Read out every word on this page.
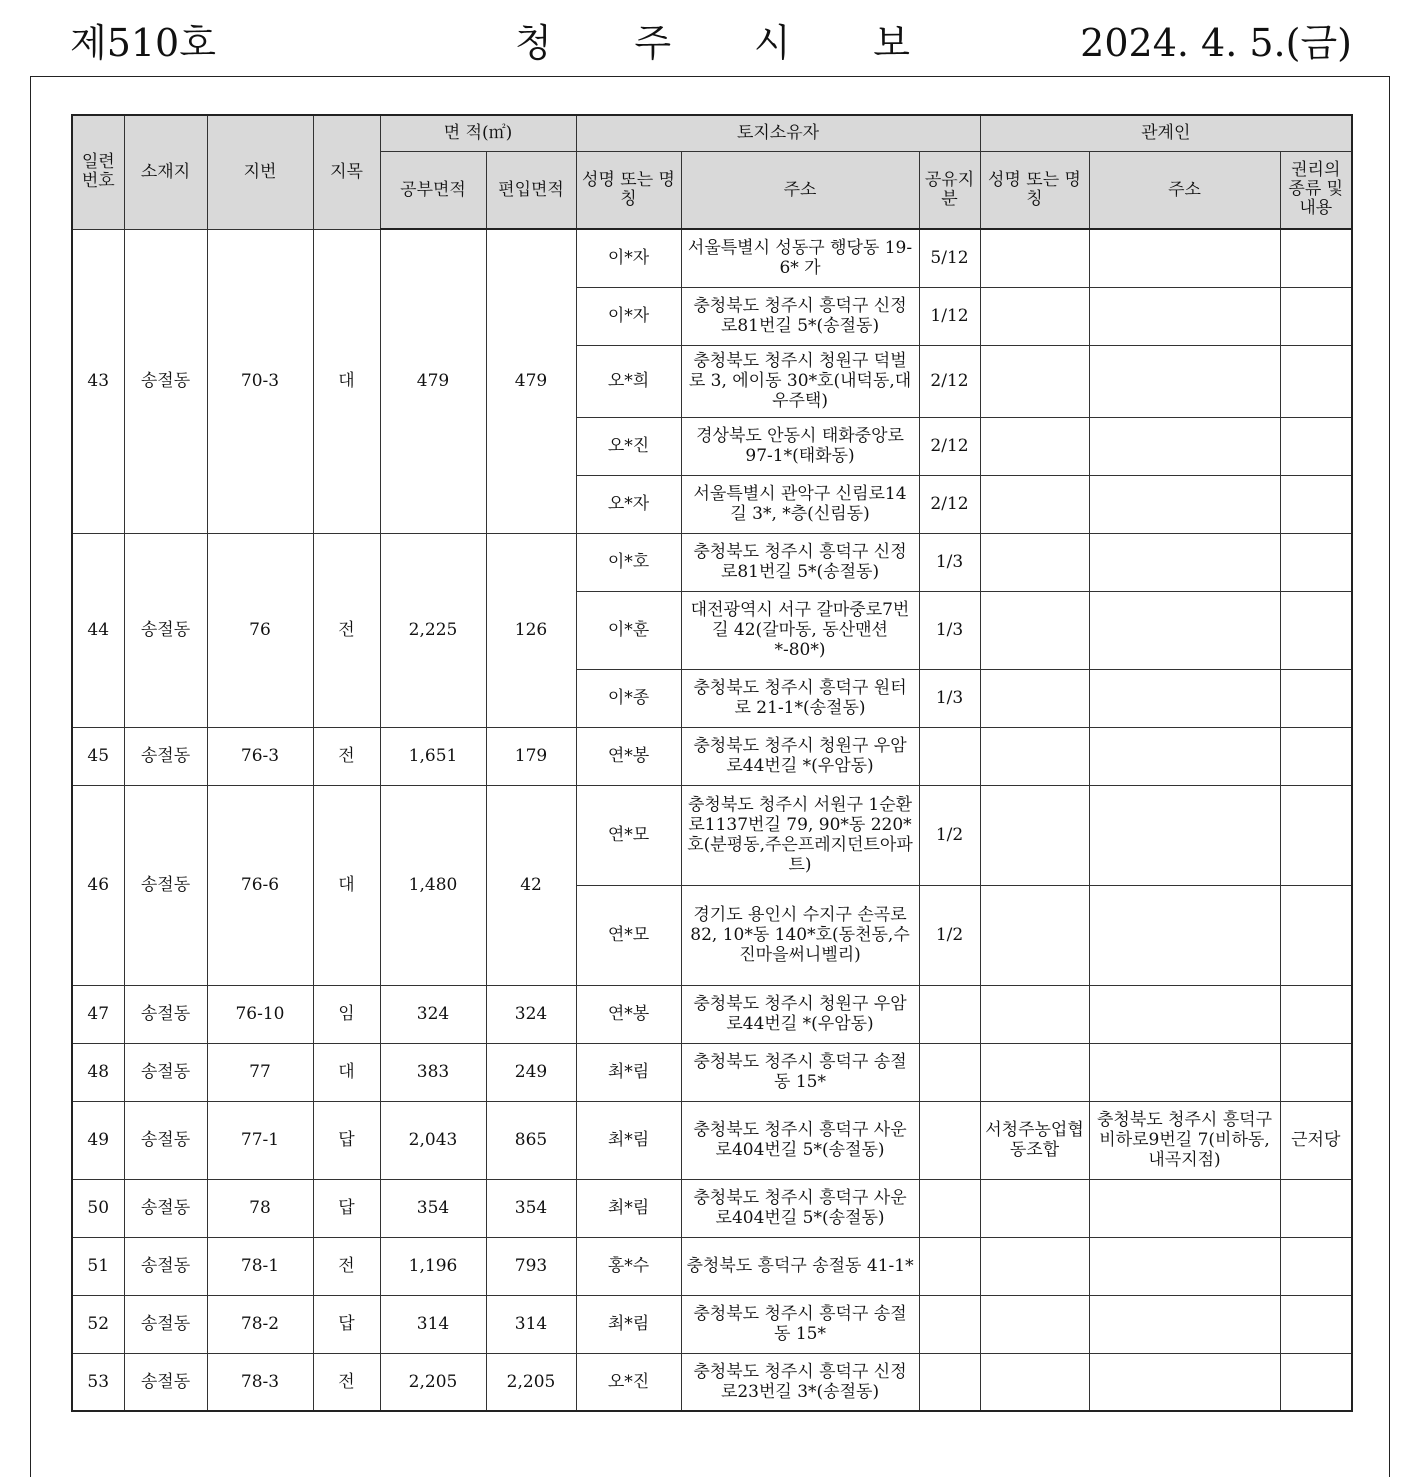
제510호	청 주 시 보	2024. 4. 5.(금)
일련번호	소재지	지번	지목	면 적(㎡)		토지소유자			관계인		
				공부면적	편입면적	성명 또는 명칭	주소	공유지분	성명 또는 명칭	주소	권리의 종류 및 내용
43	송절동	70-3	대	479	479	이*자	서울특별시 성동구 행당동 19-6* 가	5/12			
						이*자	충청북도 청주시 흥덕구 신정로81번길 5*(송절동)	1/12			
						오*희	충청북도 청주시 청원구 덕벌로 3, 에이동 30*호(내덕동,대우주택)	2/12			
						오*진	경상북도 안동시 태화중앙로 97-1*(태화동)	2/12			
						오*자	서울특별시 관악구 신림로14길 3*, *층(신림동)	2/12			
44	송절동	76	전	2,225	126	이*호	충청북도 청주시 흥덕구 신정로81번길 5*(송절동)	1/3			
						이*훈	대전광역시 서구 갈마중로7번길 42(갈마동, 동산맨션 *-80*)	1/3			
						이*종	충청북도 청주시 흥덕구 원터로 21-1*(송절동)	1/3			
45	송절동	76-3	전	1,651	179	연*봉	충청북도 청주시 청원구 우암로44번길 *(우암동)				
46	송절동	76-6	대	1,480	42	연*모	충청북도 청주시 서원구 1순환로1137번길 79, 90*동 220*호(분평동,주은프레지던트아파트)	1/2			
						연*모	경기도 용인시 수지구 손곡로 82, 10*동 140*호(동천동,수진마을써니벨리)	1/2			
47	송절동	76-10	임	324	324	연*봉	충청북도 청주시 청원구 우암로44번길 *(우암동)				
48	송절동	77	대	383	249	최*림	충청북도 청주시 흥덕구 송절동 15*				
49	송절동	77-1	답	2,043	865	최*림	충청북도 청주시 흥덕구 사운로404번길 5*(송절동)		서청주농업협동조합	충청북도 청주시 흥덕구 비하로9번길 7(비하동, 내곡지점)	근저당
50	송절동	78	답	354	354	최*림	충청북도 청주시 흥덕구 사운로404번길 5*(송절동)				
51	송절동	78-1	전	1,196	793	홍*수	충청북도 흥덕구 송절동 41-1*				
52	송절동	78-2	답	314	314	최*림	충청북도 청주시 흥덕구 송절동 15*				
53	송절동	78-3	전	2,205	2,205	오*진	충청북도 청주시 흥덕구 신정로23번길 3*(송절동)				
